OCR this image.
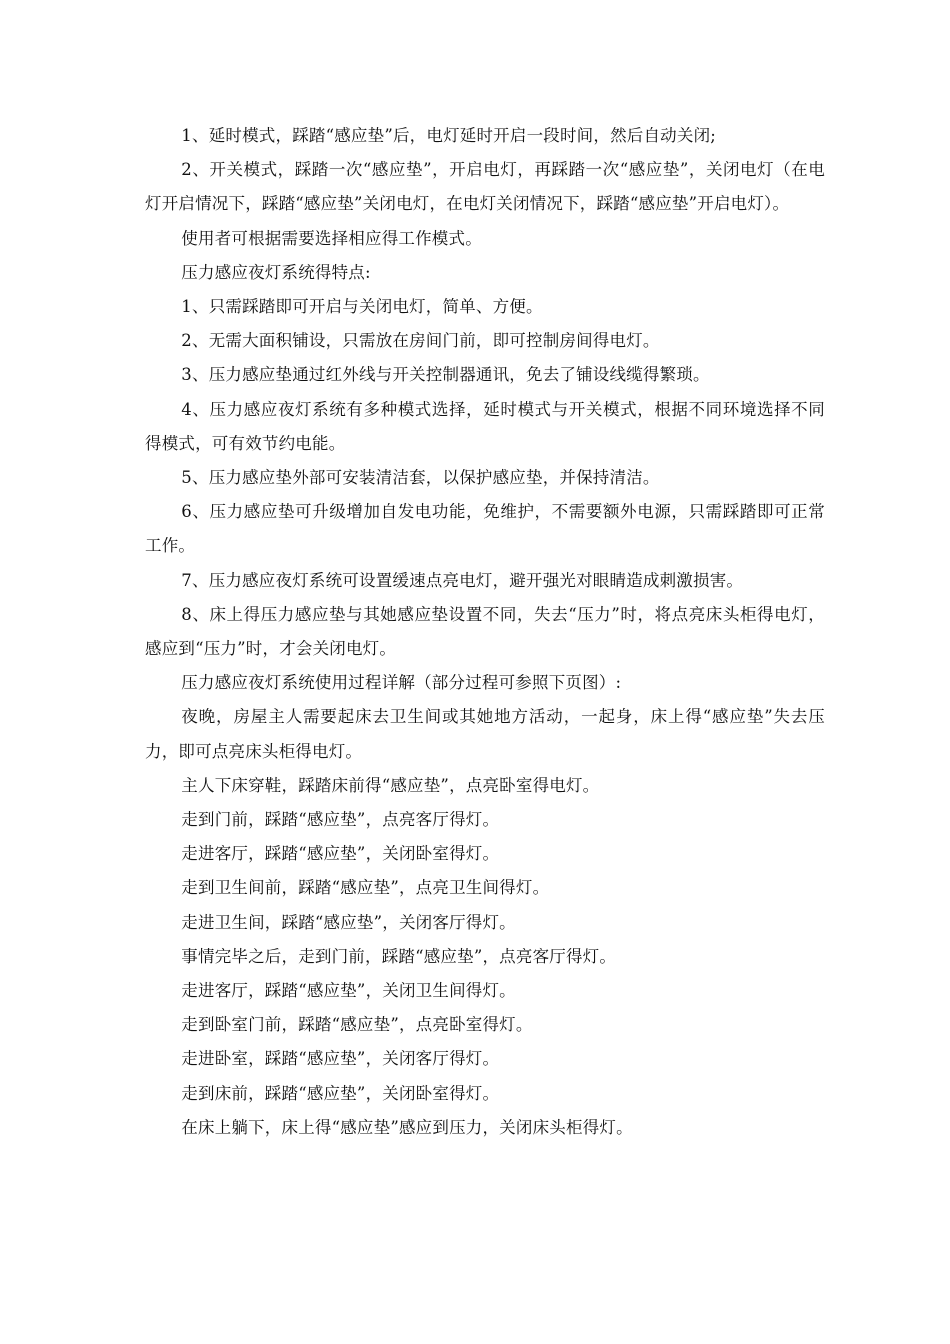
1、延时模式，踩踏“感应垫”后，电灯延时开启一段时间，然后自动关闭;

2、开关模式，踩踏一次“感应垫”，开启电灯，再踩踏一次“感应垫”，关闭电灯（在电灯开启情况下，踩踏“感应垫”关闭电灯，在电灯关闭情况下，踩踏“感应垫”开启电灯）。

使用者可根据需要选择相应得工作模式。

压力感应夜灯系统得特点:

1、只需踩踏即可开启与关闭电灯，简单、方便。

2、无需大面积铺设，只需放在房间门前，即可控制房间得电灯。

3、压力感应垫通过红外线与开关控制器通讯，免去了铺设线缆得繁琐。

4、压力感应夜灯系统有多种模式选择，延时模式与开关模式，根据不同环境选择不同得模式，可有效节约电能。

5、压力感应垫外部可安装清洁套，以保护感应垫，并保持清洁。

6、压力感应垫可升级增加自发电功能，免维护，不需要额外电源，只需踩踏即可正常工作。

7、压力感应夜灯系统可设置缓速点亮电灯，避开强光对眼睛造成刺激损害。

8、床上得压力感应垫与其她感应垫设置不同，失去“压力”时，将点亮床头柜得电灯，感应到“压力”时，才会关闭电灯。

压力感应夜灯系统使用过程详解（部分过程可参照下页图）:

夜晚，房屋主人需要起床去卫生间或其她地方活动，一起身，床上得“感应垫”失去压力，即可点亮床头柜得电灯。

主人下床穿鞋，踩踏床前得“感应垫”，点亮卧室得电灯。

走到门前，踩踏“感应垫”，点亮客厅得灯。

走进客厅，踩踏“感应垫”，关闭卧室得灯。

走到卫生间前，踩踏“感应垫”，点亮卫生间得灯。

走进卫生间，踩踏“感应垫”，关闭客厅得灯。

事情完毕之后，走到门前，踩踏“感应垫”，点亮客厅得灯。

走进客厅，踩踏“感应垫”，关闭卫生间得灯。

走到卧室门前，踩踏“感应垫”，点亮卧室得灯。

走进卧室，踩踏“感应垫”，关闭客厅得灯。

走到床前，踩踏“感应垫”，关闭卧室得灯。

在床上躺下，床上得“感应垫”感应到压力，关闭床头柜得灯。
